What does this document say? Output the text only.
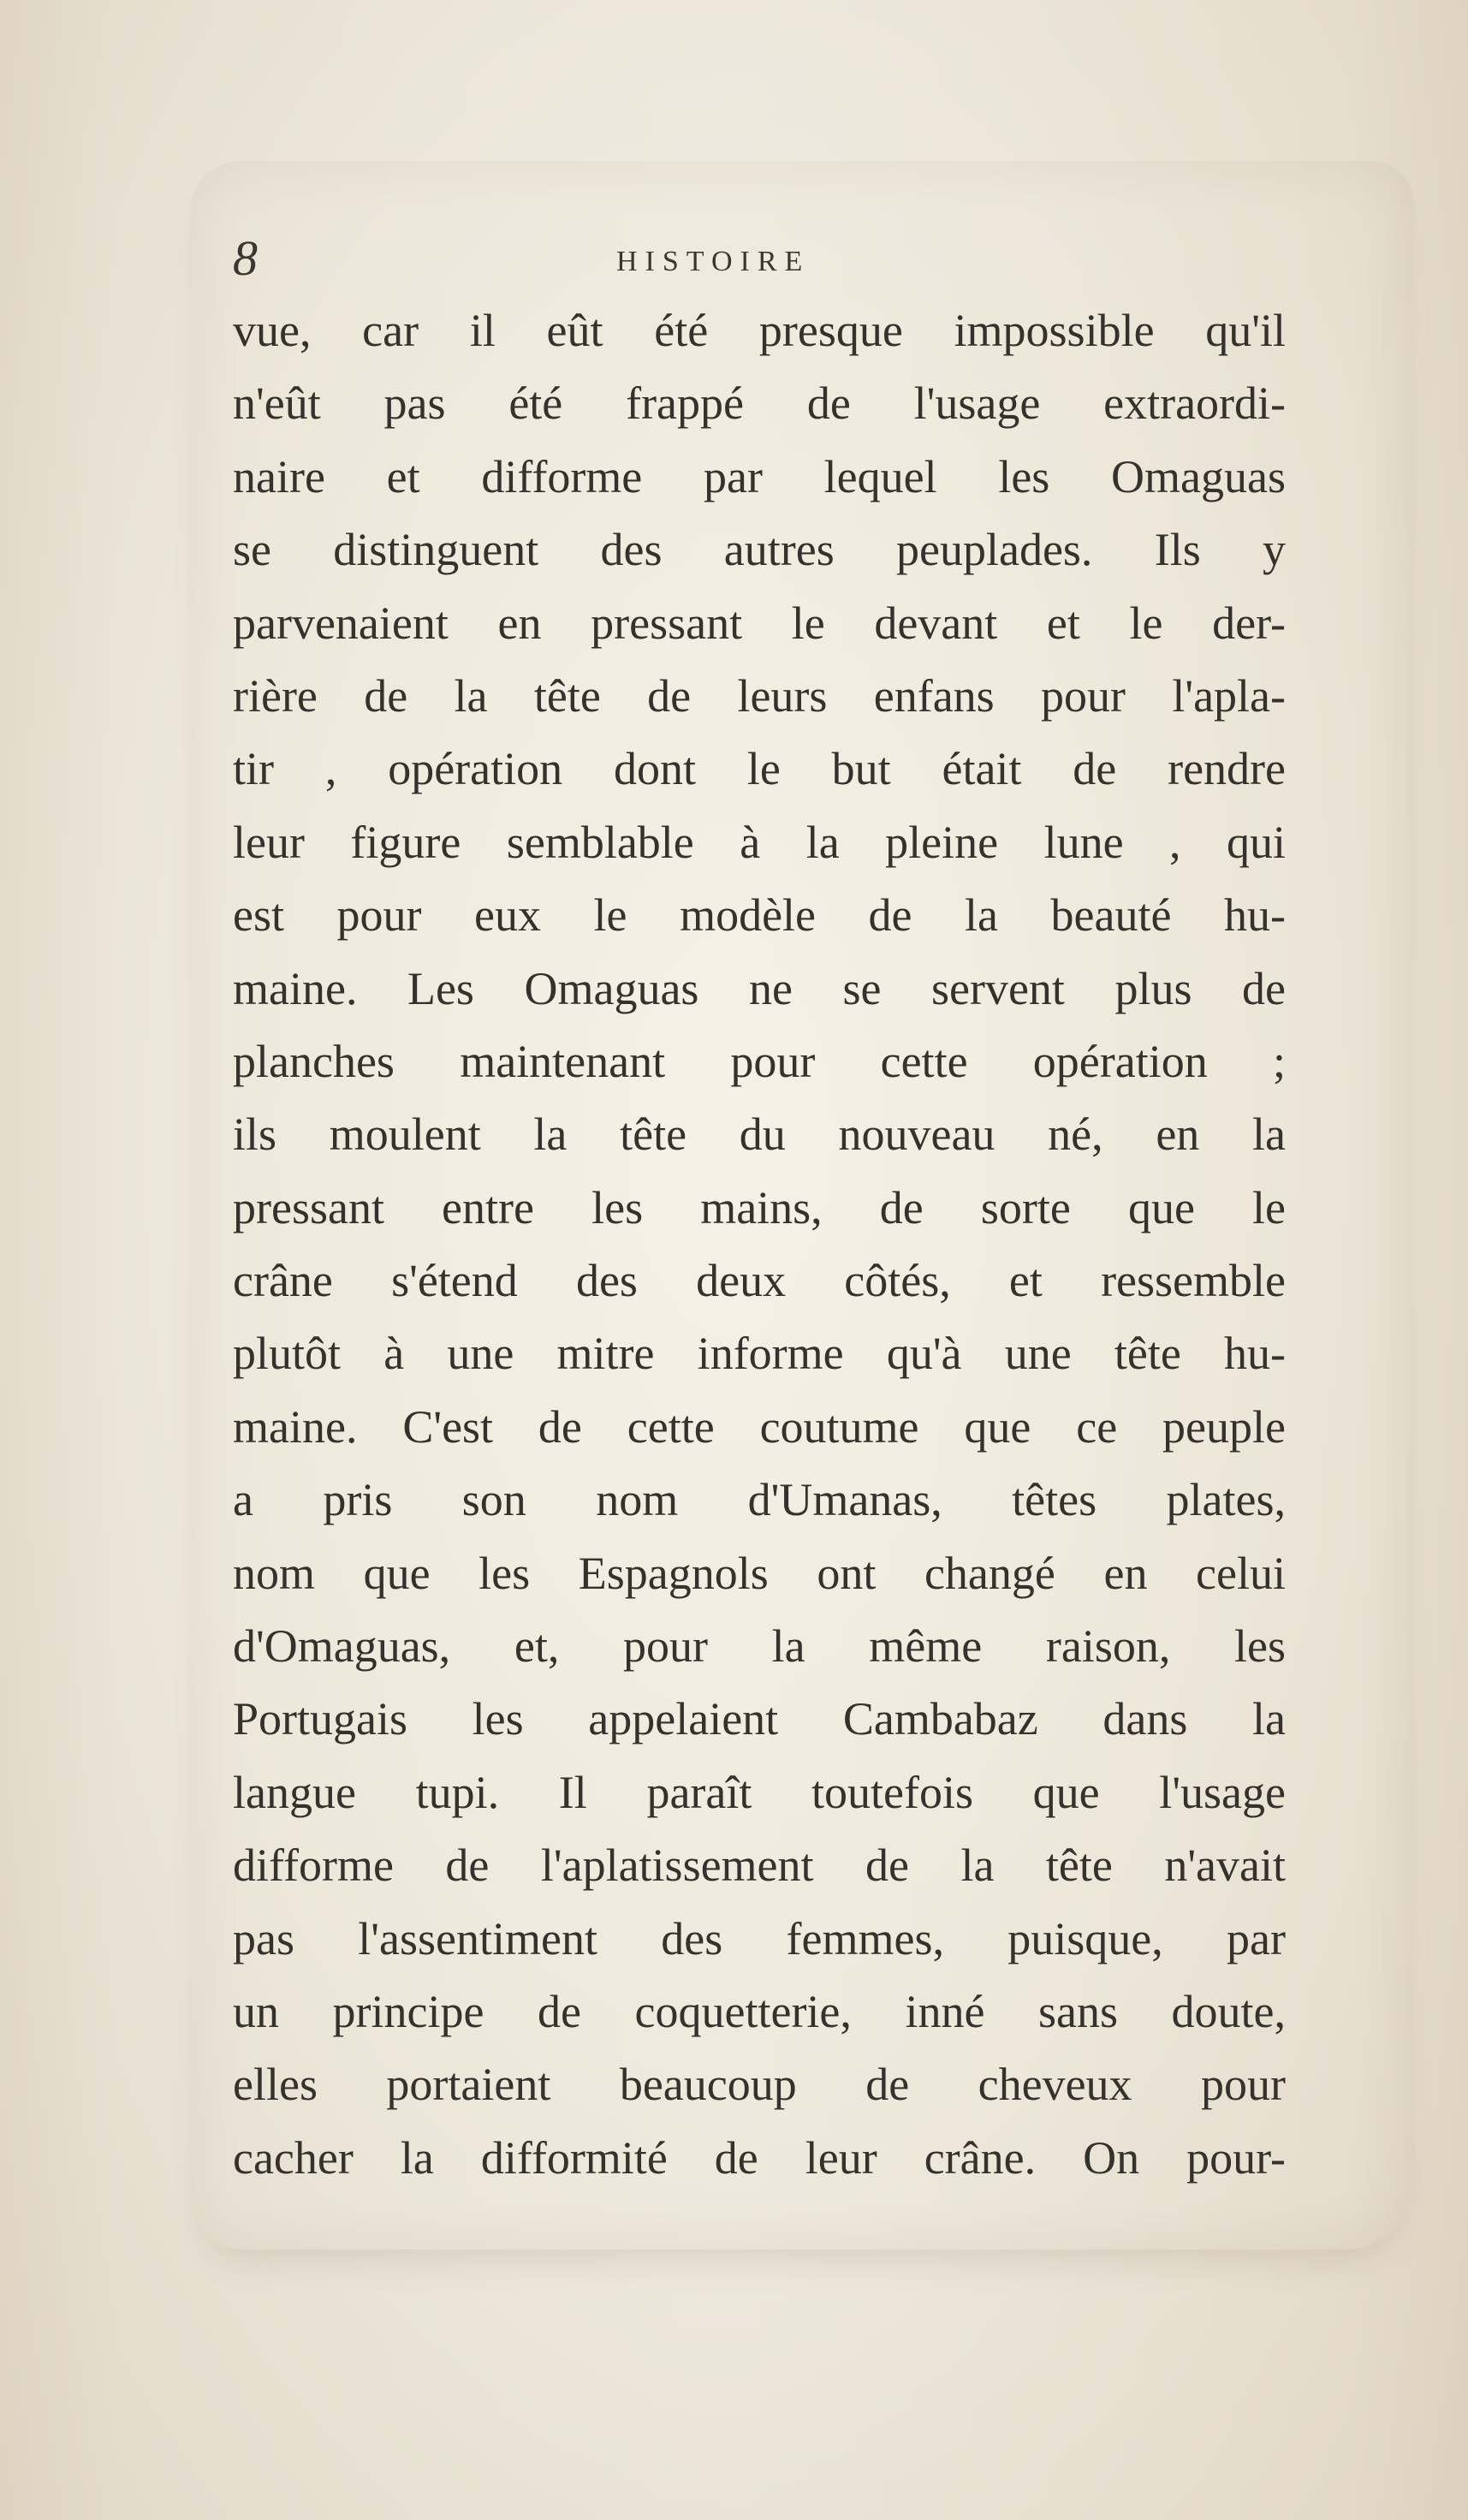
8	HISTOIRE
vue, car il eût été presque impossible qu'il
n'eût pas été frappé de l'usage extraordi-
naire et difforme par lequel les Omaguas
se distinguent des autres peuplades. Ils y
parvenaient en pressant le devant et le der-
rière de la tête de leurs enfans pour l'apla-
tir , opération dont le but était de rendre
leur figure semblable à la pleine lune , qui
est pour eux le modèle de la beauté hu-
maine. Les Omaguas ne se servent plus de
planches maintenant pour cette opération ;
ils moulent la tête du nouveau né, en la
pressant entre les mains, de sorte que le
crâne s'étend des deux côtés, et ressemble
plutôt à une mitre informe qu'à une tête hu-
maine. C'est de cette coutume que ce peuple
a pris son nom d'Umanas, têtes plates,
nom que les Espagnols ont changé en celui
d'Omaguas, et, pour la même raison, les
Portugais les appelaient Cambabaz dans la
langue tupi. Il paraît toutefois que l'usage
difforme de l'aplatissement de la tête n'avait
pas l'assentiment des femmes, puisque, par
un principe de coquetterie, inné sans doute,
elles portaient beaucoup de cheveux pour
cacher la difformité de leur crâne. On pour-
